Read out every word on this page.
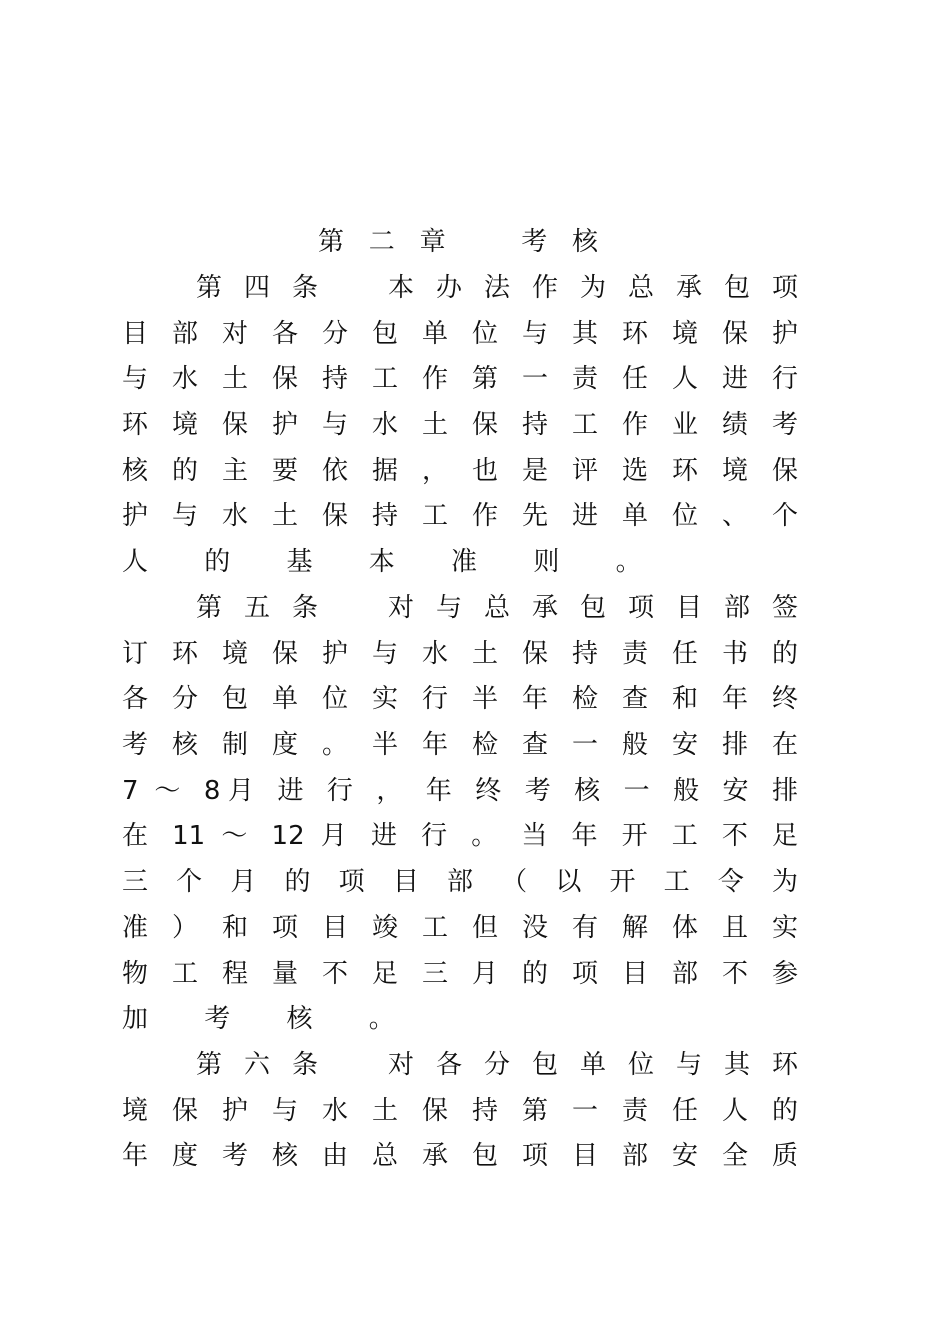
第 二 章 　 考 核
第 四 条 　 本 办 法 作 为 总 承 包 项
目 部 对 各 分 包 单 位 与 其 环 境 保 护
与 水 土 保 持 工 作 第 一 责 任 人 进 行
环 境 保 护 与 水 土 保 持 工 作 业 绩 考
核 的 主 要 依 据 ， 也 是 评 选 环 境 保
护 与 水 土 保 持 工 作 先 进 单 位 、 个
人 的 基 本 准 则 。
第 五 条 　 对 与 总 承 包 项 目 部 签
订 环 境 保 护 与 水 土 保 持 责 任 书 的
各 分 包 单 位 实 行 半 年 检 查 和 年 终
考 核 制 度 。 半 年 检 查 一 般 安 排 在
7 ～ 8月 进 行 ， 年 终 考 核 一 般 安 排
在 11 ～ 12 月 进 行 。 当 年 开 工 不 足
三 个 月 的 项 目 部 （ 以 开 工 令 为
准 ） 和 项 目 竣 工 但 没 有 解 体 且 实
物 工 程 量 不 足 三 月 的 项 目 部 不 参
加 考 核 。
第 六 条 　 对 各 分 包 单 位 与 其 环
境 保 护 与 水 土 保 持 第 一 责 任 人 的
年 度 考 核 由 总 承 包 项 目 部 安 全 质
